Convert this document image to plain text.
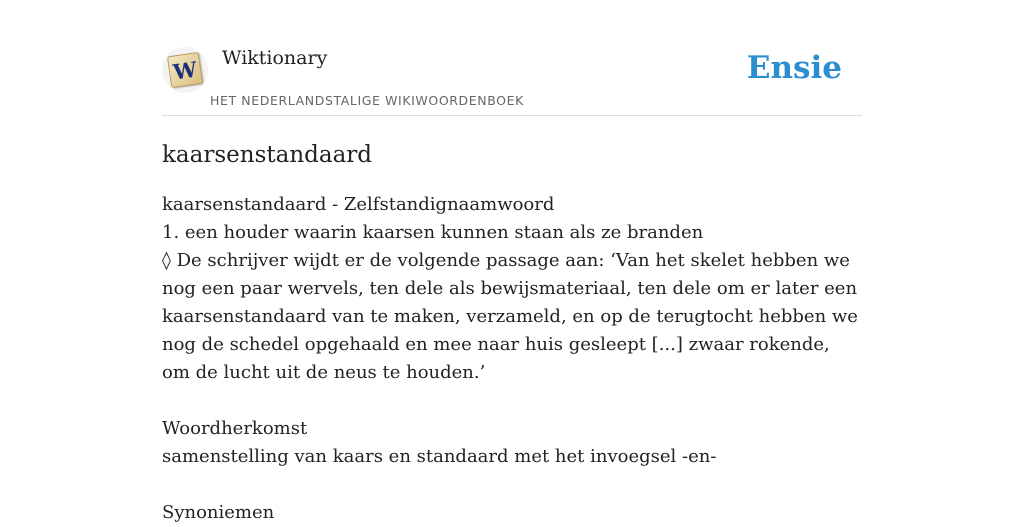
W Wiktionary
HET NEDERLANDSTALIGE WIKIWOORDENBOEK
Ensie
kaarsenstandaard

kaarsenstandaard - Zelfstandignaamwoord

1. een houder waarin kaarsen kunnen staan als ze branden

◊ De schrijver wijdt er de volgende passage aan: ‘Van het skelet hebben we nog een paar wervels, ten dele als bewijsmateriaal, ten dele om er later een kaarsenstandaard van te maken, verzameld, en op de terugtocht hebben we nog de schedel opgehaald en mee naar huis gesleept [...] zwaar rokende, om de lucht uit de neus te houden.’

Woordherkomst

samenstelling van kaars en standaard met het invoegsel -en-

Synoniemen
